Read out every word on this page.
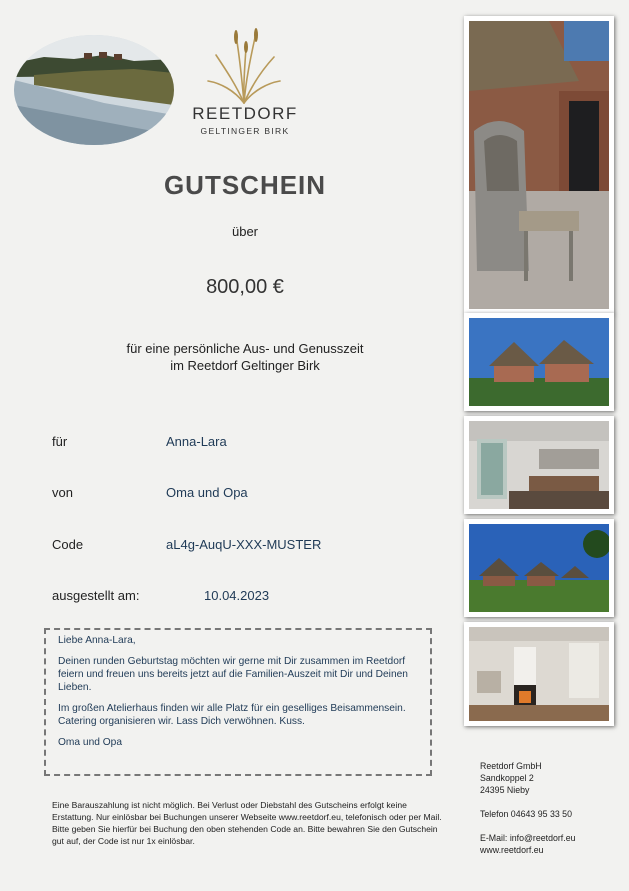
REETDORF
GELTINGER BIRK
GUTSCHEIN
über
800,00 €
für eine persönliche Aus- und Genusszeit
im Reetdorf Geltinger Birk
für	Anna-Lara
von	Oma und Opa
Code	aL4g-AuqU-XXX-MUSTER
ausgestellt am:	10.04.2023

Liebe Anna-Lara,

Deinen runden Geburtstag möchten wir gerne mit Dir zusammen im Reetdorf feiern und freuen uns bereits jetzt auf die Familien-Auszeit mit Dir und Deinen Lieben.

Im großen Atelierhaus finden wir alle Platz für ein geselliges Beisammensein. Catering organisieren wir. Lass Dich verwöhnen. Kuss.

Oma und Opa

Eine Barauszahlung ist nicht möglich. Bei Verlust oder Diebstahl des Gutscheins erfolgt keine Erstattung. Nur einlösbar bei Buchungen unserer Webseite www.reetdorf.eu, telefonisch oder per Mail. Bitte geben Sie hierfür bei Buchung den oben stehenden Code an. Bitte bewahren Sie den Gutschein gut auf, der Code ist nur 1x einlösbar.
Reetdorf GmbH
Sandkoppel 2
24395 Nieby
Telefon 04643 95 33 50
E-Mail: info@reetdorf.eu
www.reetdorf.eu
